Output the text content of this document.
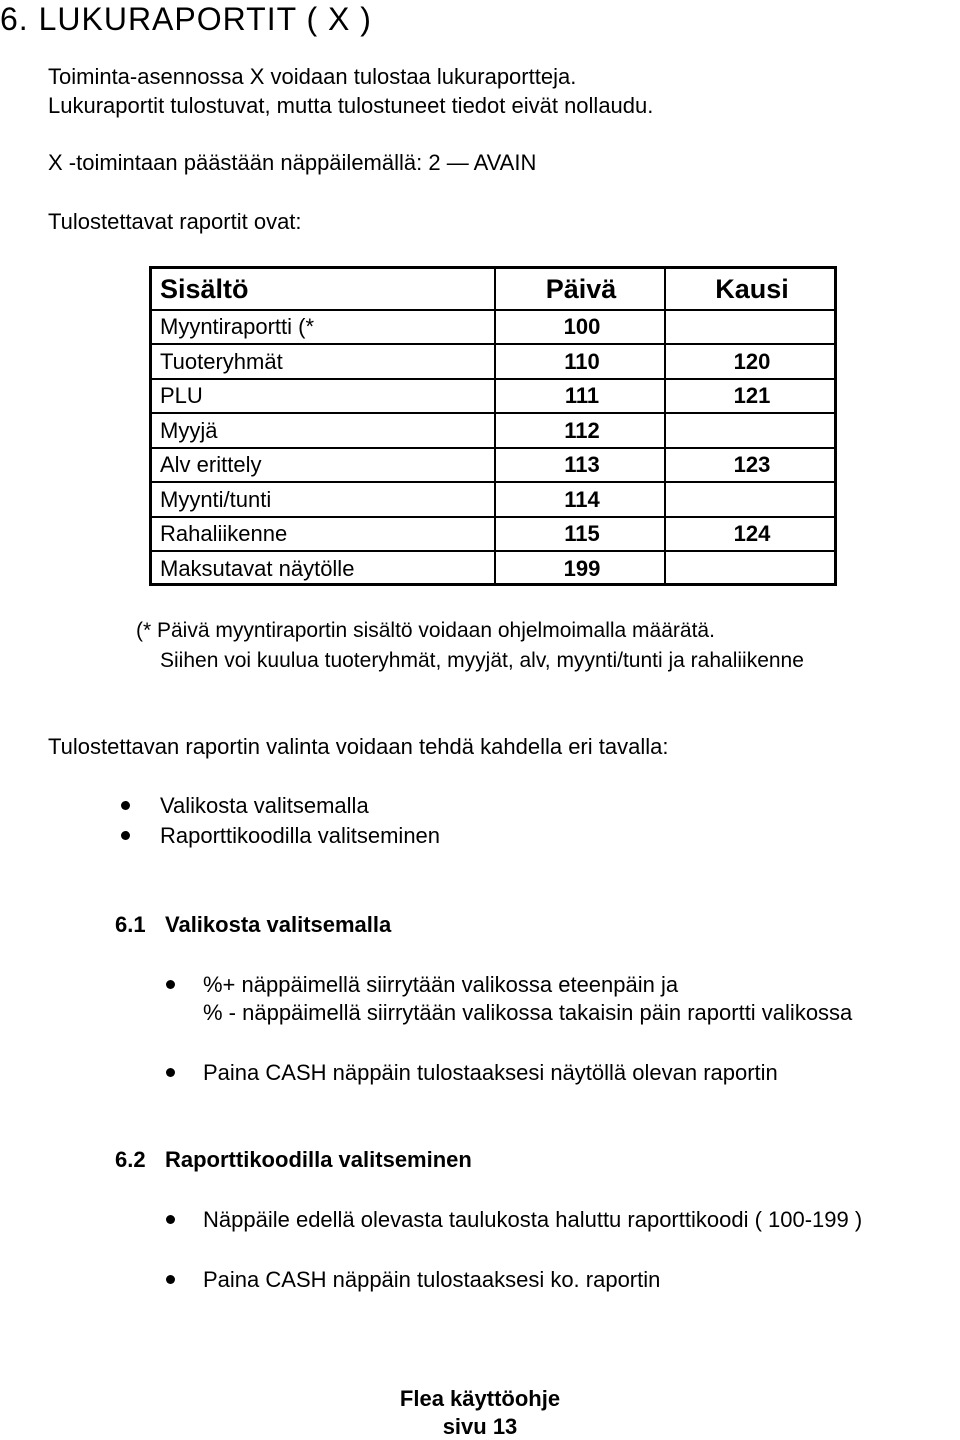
6. LUKURAPORTIT ( X )
Toiminta-asennossa X voidaan tulostaa lukuraportteja.
Lukuraportit tulostuvat, mutta tulostuneet tiedot eivät nollaudu.
X -toimintaan päästään näppäilemällä: 2 — AVAIN
Tulostettavat raportit ovat:
Sisältö	Päivä	Kausi
Myyntiraportti (*	100
Tuoteryhmät	110	120
PLU	111	121
Myyjä	112
Alv erittely	113	123
Myynti/tunti	114
Rahaliikenne	115	124
Maksutavat näytölle	199
(* Päivä myyntiraportin sisältö voidaan ohjelmoimalla määrätä.
Siihen voi kuulua tuoteryhmät, myyjät, alv, myynti/tunti ja rahaliikenne
Tulostettavan raportin valinta voidaan tehdä kahdella eri tavalla:
Valikosta valitsemalla
Raporttikoodilla valitseminen
6.1 Valikosta valitsemalla
%+ näppäimellä siirrytään valikossa eteenpäin ja
% - näppäimellä siirrytään valikossa takaisin päin raportti valikossa
Paina CASH näppäin tulostaaksesi näytöllä olevan raportin
6.2 Raporttikoodilla valitseminen
Näppäile edellä olevasta taulukosta haluttu raporttikoodi ( 100-199 )
Paina CASH näppäin tulostaaksesi ko. raportin
Flea käyttöohje
sivu 13
